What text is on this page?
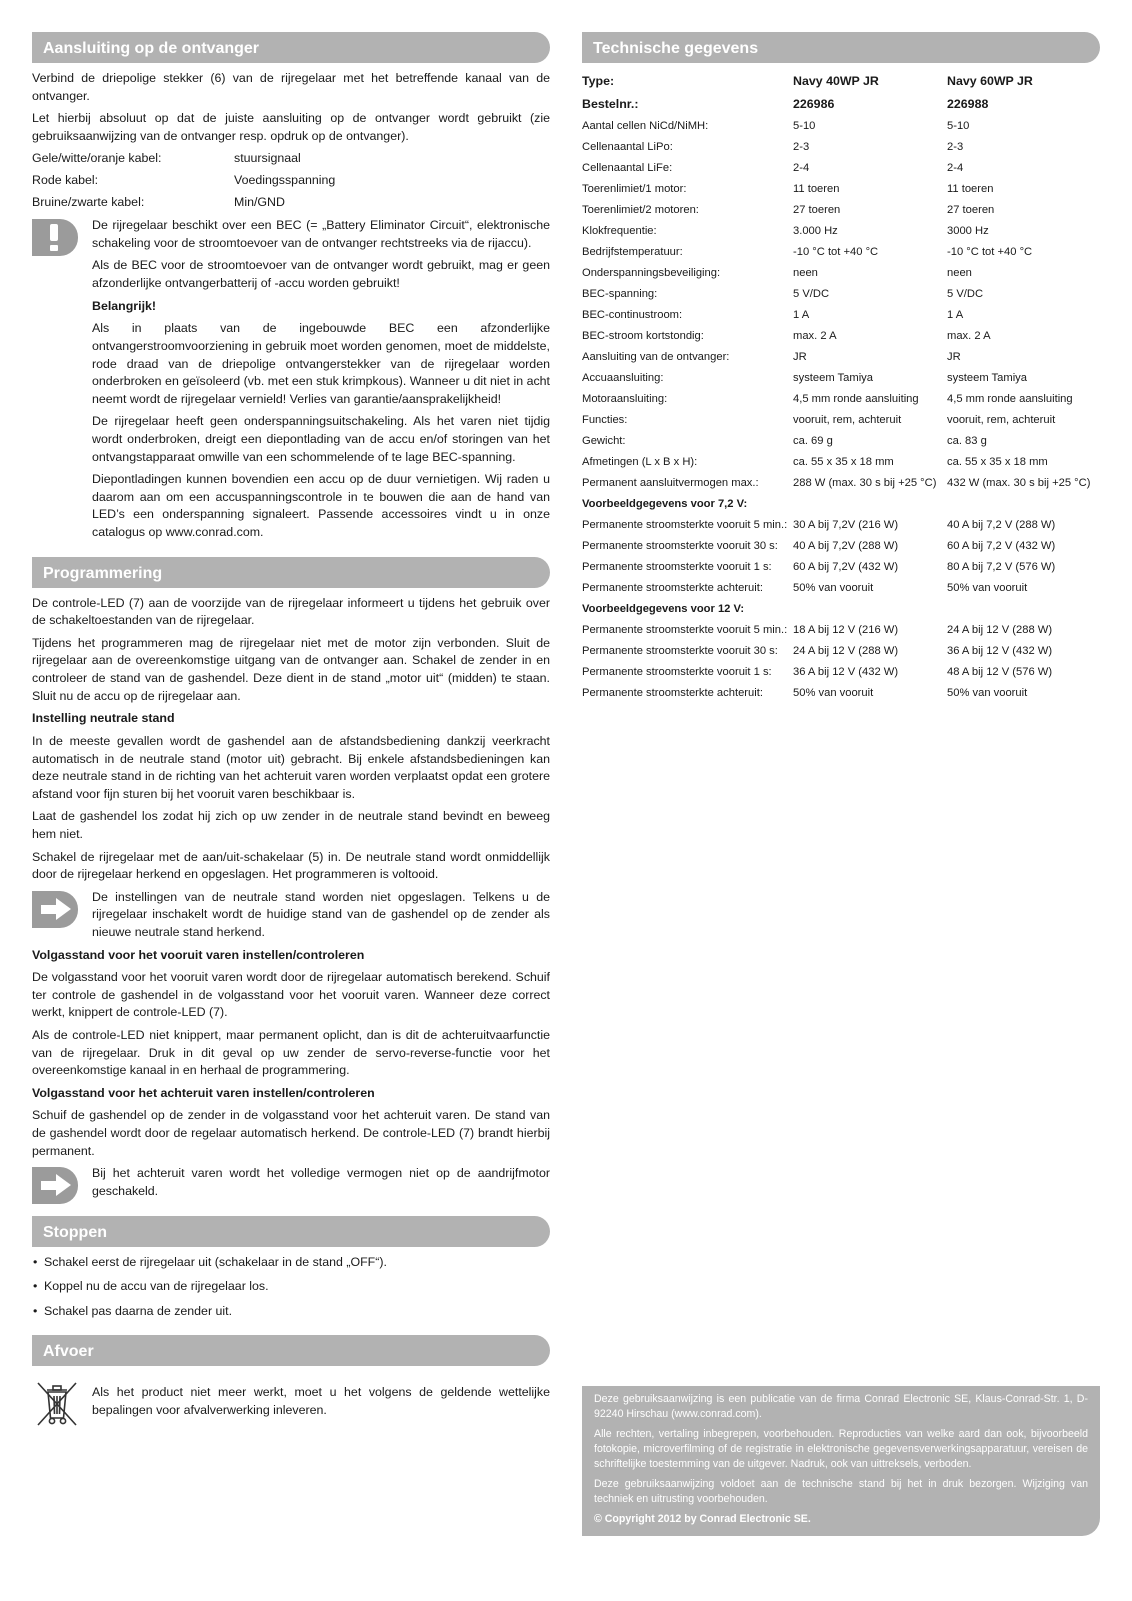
Aansluiting op de ontvanger

Verbind de driepolige stekker (6) van de rijregelaar met het betreffende kanaal van de ontvanger.

Let hierbij absoluut op dat de juiste aansluiting op de ontvanger wordt gebruikt (zie gebruiksaanwijzing van de ontvanger resp. opdruk op de ontvanger).

Gele/witte/oranje kabel:	stuursignaal
Rode kabel:	Voedingsspanning
Bruine/zwarte kabel:	Min/GND

De rijregelaar beschikt over een BEC (= „Battery Eliminator Circuit“, elektronische schakeling voor de stroomtoevoer van de ontvanger rechtstreeks via de rijaccu).

Als de BEC voor de stroomtoevoer van de ontvanger wordt gebruikt, mag er geen afzonderlijke ontvangerbatterij of -accu worden gebruikt!

Belangrijk!

Als in plaats van de ingebouwde BEC een afzonderlijke ontvangerstroomvoorziening in gebruik moet worden genomen, moet de middelste, rode draad van de driepolige ontvangerstekker van de rijregelaar worden onderbroken en geïsoleerd (vb. met een stuk krimpkous). Wanneer u dit niet in acht neemt wordt de rijregelaar vernield! Verlies van garantie/aansprakelijkheid!

De rijregelaar heeft geen onderspanningsuitschakeling. Als het varen niet tijdig wordt onderbroken, dreigt een diepontlading van de accu en/of storingen van het ontvangstapparaat omwille van een schommelende of te lage BEC-spanning.

Diepontladingen kunnen bovendien een accu op de duur vernietigen. Wij raden u daarom aan om een accuspanningscontrole in te bouwen die aan de hand van LED’s een onderspanning signaleert. Passende accessoires vindt u in onze catalogus op www.conrad.com.

Programmering

De controle-LED (7) aan de voorzijde van de rijregelaar informeert u tijdens het gebruik over de schakeltoestanden van de rijregelaar.

Tijdens het programmeren mag de rijregelaar niet met de motor zijn verbonden. Sluit de rijregelaar aan de overeenkomstige uitgang van de ontvanger aan. Schakel de zender in en controleer de stand van de gashendel. Deze dient in de stand „motor uit“ (midden) te staan. Sluit nu de accu op de rijregelaar aan.

Instelling neutrale stand

In de meeste gevallen wordt de gashendel aan de afstandsbediening dankzij veerkracht automatisch in de neutrale stand (motor uit) gebracht. Bij enkele afstandsbedieningen kan deze neutrale stand in de richting van het achteruit varen worden verplaatst opdat een grotere afstand voor fijn sturen bij het vooruit varen beschikbaar is.

Laat de gashendel los zodat hij zich op uw zender in de neutrale stand bevindt en beweeg hem niet.

Schakel de rijregelaar met de aan/uit-schakelaar (5) in. De neutrale stand wordt onmiddellijk door de rijregelaar herkend en opgeslagen. Het programmeren is voltooid.

De instellingen van de neutrale stand worden niet opgeslagen. Telkens u de rijregelaar inschakelt wordt de huidige stand van de gashendel op de zender als nieuwe neutrale stand herkend.

Volgasstand voor het vooruit varen instellen/controleren

De volgasstand voor het vooruit varen wordt door de rijregelaar automatisch berekend. Schuif ter controle de gashendel in de volgasstand voor het vooruit varen. Wanneer deze correct werkt, knippert de controle-LED (7).

Als de controle-LED niet knippert, maar permanent oplicht, dan is dit de achteruitvaarfunctie van de rijregelaar. Druk in dit geval op uw zender de servo-reverse-functie voor het overeenkomstige kanaal in en herhaal de programmering.

Volgasstand voor het achteruit varen instellen/controleren

Schuif de gashendel op de zender in de volgasstand voor het achteruit varen. De stand van de gashendel wordt door de regelaar automatisch herkend. De controle-LED (7) brandt hierbij permanent.

Bij het achteruit varen wordt het volledige vermogen niet op de aandrijfmotor geschakeld.

Stoppen
• Schakel eerst de rijregelaar uit (schakelaar in de stand „OFF“).
• Koppel nu de accu van de rijregelaar los.
• Schakel pas daarna de zender uit.
Afvoer

Als het product niet meer werkt, moet u het volgens de geldende wettelijke bepalingen voor afvalverwerking inleveren.

Technische gegevens
Type:	Navy 40WP JR	Navy 60WP JR
Bestelnr.:	226986	226988
Aantal cellen NiCd/NiMH:	5-10	5-10
Cellenaantal LiPo:	2-3	2-3
Cellenaantal LiFe:	2-4	2-4
Toerenlimiet/1 motor:	11 toeren	11 toeren
Toerenlimiet/2 motoren:	27 toeren	27 toeren
Klokfrequentie:	3.000 Hz	3000 Hz
Bedrijfstemperatuur:	-10 °C tot +40 °C	-10 °C tot +40 °C
Onderspanningsbeveiliging:	neen	neen
BEC-spanning:	5 V/DC	5 V/DC
BEC-continustroom:	1 A	1 A
BEC-stroom kortstondig:	max. 2 A	max. 2 A
Aansluiting van de ontvanger:	JR	JR
Accuaansluiting:	systeem Tamiya	systeem Tamiya
Motoraansluiting:	4,5 mm ronde aansluiting	4,5 mm ronde aansluiting
Functies:	vooruit, rem, achteruit	vooruit, rem, achteruit
Gewicht:	ca. 69 g	ca. 83 g
Afmetingen (L x B x H):	ca. 55 x 35 x 18 mm	ca. 55 x 35 x 18 mm
Permanent aansluitvermogen max.:	288 W (max. 30 s bij +25 °C)	432 W (max. 30 s bij +25 °C)
Voorbeeldgegevens voor 7,2 V:		
Permanente stroomsterkte vooruit 5 min.:	30 A bij 7,2V (216 W)	40 A bij 7,2 V (288 W)
Permanente stroomsterkte vooruit 30 s:	40 A bij 7,2V (288 W)	60 A bij 7,2 V (432 W)
Permanente stroomsterkte vooruit 1 s:	60 A bij 7,2V (432 W)	80 A bij 7,2 V (576 W)
Permanente stroomsterkte achteruit:	50% van vooruit	50% van vooruit
Voorbeeldgegevens voor 12 V:		
Permanente stroomsterkte vooruit 5 min.:	18 A bij 12 V (216 W)	24 A bij 12 V (288 W)
Permanente stroomsterkte vooruit 30 s:	24 A bij 12 V (288 W)	36 A bij 12 V (432 W)
Permanente stroomsterkte vooruit 1 s:	36 A bij 12 V (432 W)	48 A bij 12 V (576 W)
Permanente stroomsterkte achteruit:	50% van vooruit	50% van vooruit

Deze gebruiksaanwijzing is een publicatie van de firma Conrad Electronic SE, Klaus-Conrad-Str. 1, D-92240 Hirschau (www.conrad.com).

Alle rechten, vertaling inbegrepen, voorbehouden. Reproducties van welke aard dan ook, bijvoorbeeld fotokopie, microverfilming of de registratie in elektronische gegevensverwerkingsapparatuur, vereisen de schriftelijke toestemming van de uitgever. Nadruk, ook van uittreksels, verboden.

Deze gebruiksaanwijzing voldoet aan de technische stand bij het in druk bezorgen. Wijziging van techniek en uitrusting voorbehouden.

© Copyright 2012 by Conrad Electronic SE.
